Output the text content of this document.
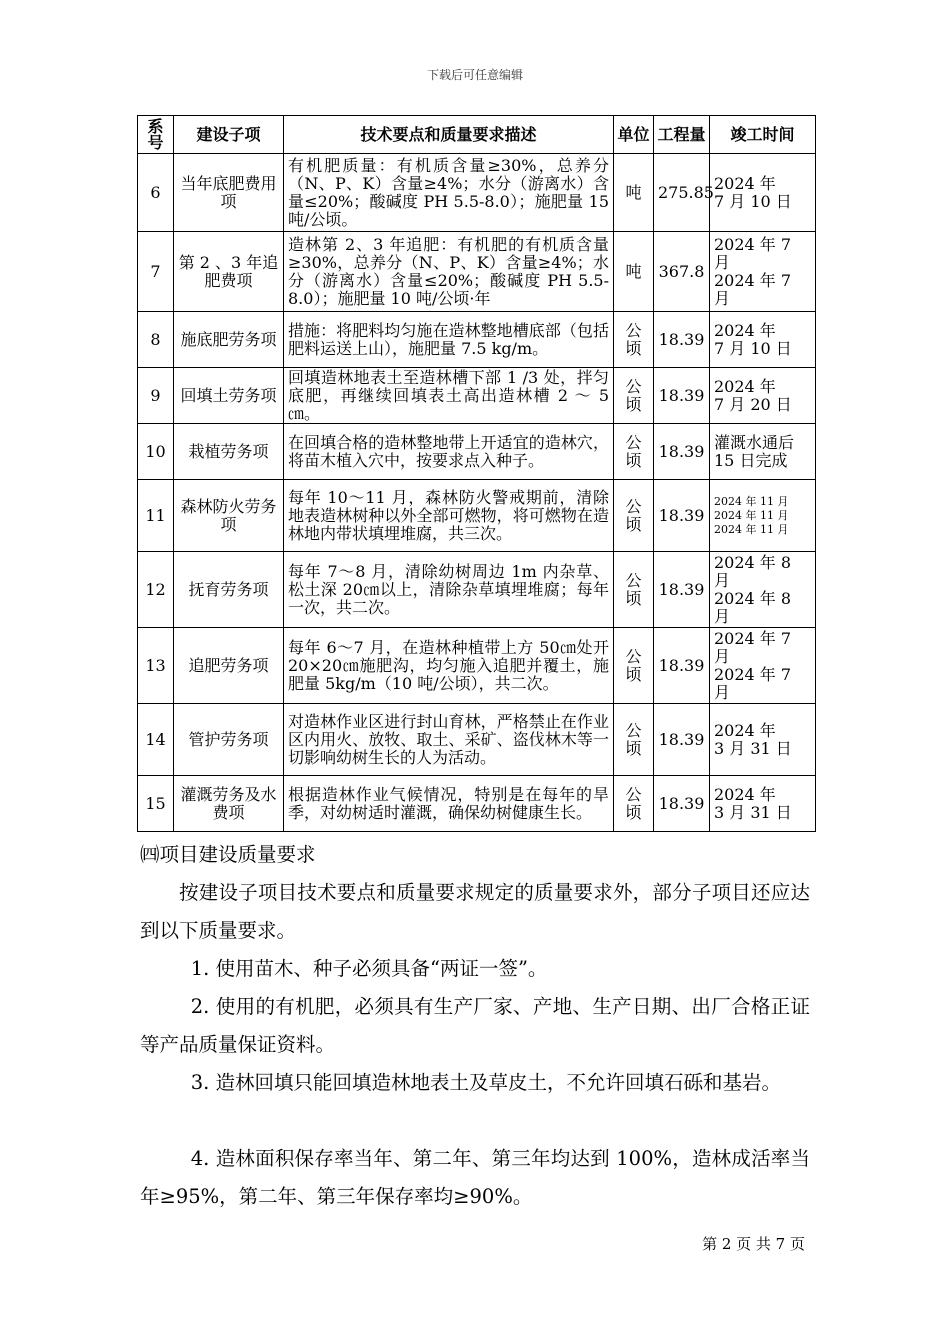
下载后可任意编辑
系号	建设子项	技术要点和质量要求描述	单位	工程量	竣工时间
6	当年底肥费用项	有机肥质量：有机质含量≥30%，总养分（N、P、K）含量≥4%；水分（游离水）含量≤20%；酸碱度 PH 5.5-8.0）；施肥量 15 吨/公顷。	吨	275.85	2024 年
7 月 10 日

7	第 2 、3 年追肥费项	造林第 2、3 年追肥：有机肥的有机质含量≥30%，总养分（N、P、K）含量≥4%；水分（游离水）含量≤20%；酸碱度 PH 5.5-8.0）；施肥量 10 吨/公顷·年	吨	367.8	2024 年 7 月
2024 年 7 月

8	施底肥劳务项	措施：将肥料均匀施在造林整地槽底部（包括肥料运送上山），施肥量 7.5 kg/m。	公顷	18.39	2024 年
7 月 10 日

9	回填土劳务项	回填造林地表土至造林槽下部 1 /3 处，拌匀底肥，再继续回填表土高出造林槽 2 ～ 5 ㎝。	公顷	18.39	2024 年
7 月 20 日

10	栽植劳务项	在回填合格的造林整地带上开适宜的造林穴，将苗木植入穴中，按要求点入种子。	公顷	18.39	灌溉水通后 15 日完成

11	森林防火劳务项	每年 10～11 月，森林防火警戒期前，清除地表造林树种以外全部可燃物，将可燃物在造林地内带状填埋堆腐，共三次。	公顷	18.39	2024 年 11 月
2024 年 11 月
2024 年 11 月

12	抚育劳务项	每年 7～8 月，清除幼树周边 1m 内杂草、松土深 20㎝以上，清除杂草填埋堆腐；每年一次，共二次。	公顷	18.39	2024 年 8 月
2024 年 8 月

13	追肥劳务项	每年 6～7 月，在造林种植带上方 50㎝处开 20×20㎝施肥沟，均匀施入追肥并覆土，施肥量 5kg/m（10 吨/公顷），共二次。	公顷	18.39	2024 年 7 月
2024 年 7 月

14	管护劳务项	对造林作业区进行封山育林，严格禁止在作业区内用火、放牧、取土、采矿、盗伐林木等一切影响幼树生长的人为活动。	公顷	18.39	2024 年
3 月 31 日

15	灌溉劳务及水费项	根据造林作业气候情况，特别是在每年的旱季，对幼树适时灌溉，确保幼树健康生长。	公顷	18.39	2024 年
3 月 31 日
㈣项目建设质量要求
按建设子项目技术要点和质量要求规定的质量要求外，部分子项目还应达到以下质量要求。
1. 使用苗木、种子必须具备“两证一签”。
2. 使用的有机肥，必须具有生产厂家、产地、生产日期、出厂合格正证等产品质量保证资料。
3. 造林回填只能回填造林地表土及草皮土，不允许回填石砾和基岩。
4. 造林面积保存率当年、第二年、第三年均达到 100%，造林成活率当年≥95%，第二年、第三年保存率均≥90%。
第 2 页 共 7 页
